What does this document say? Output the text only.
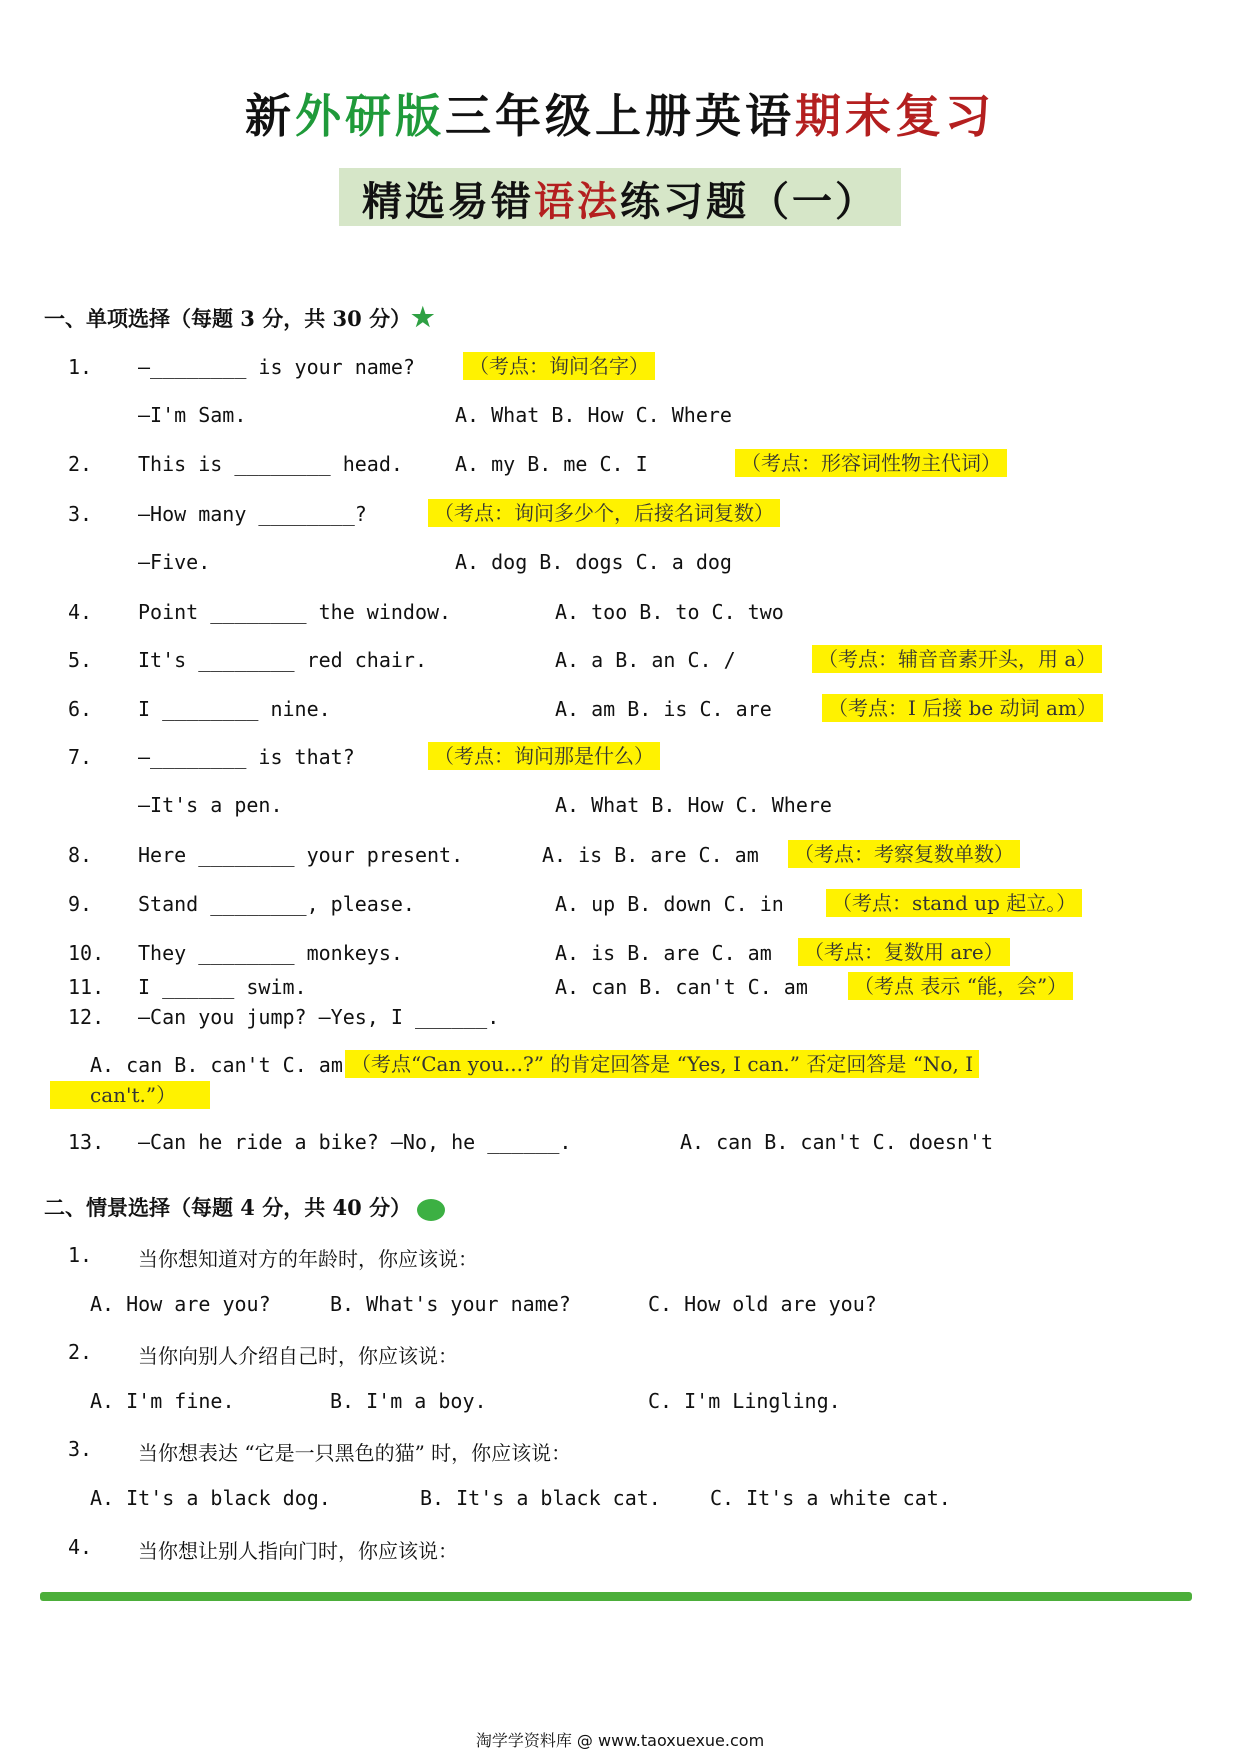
新外研版三年级上册英语期末复习
精选易错语法练习题（一）
一、单项选择（每题 3 分，共 30 分）★
1. —________ is your name?	（考点：询问名字）
—I'm Sam.	A. What B. How C. Where
2. This is ________ head.	A. my B. me C. I	（考点：形容词性物主代词）
3. —How many ________?	（考点：询问多少个，后接名词复数）
—Five.	A. dog B. dogs C. a dog
4. Point ________ the window.	A. too B. to C. two
5. It's ________ red chair.	A. a B. an C. /	（考点：辅音音素开头，用 a）
6. I ________ nine.	A. am B. is C. are	（考点：I 后接 be 动词 am）
7. —________ is that?	（考点：询问那是什么）
—It's a pen.	A. What B. How C. Where
8. Here ________ your present.	A. is B. are C. am	（考点：考察复数单数）
9. Stand ________, please.	A. up B. down C. in	（考点：stand up 起立。）
10. They ________ monkeys.	A. is B. are C. am	（考点：复数用 are）
11. I ______ swim.	A. can B. can't C. am	（考点 表示 “能，会”）
12. —Can you jump? —Yes, I ______.
A. can B. can't C. am （考点“Can you...?” 的肯定回答是 “Yes, I can.” 否定回答是 “No, I
can't.”）
13. —Can he ride a bike? —No, he ______.	A. can B. can't C. doesn't
二、情景选择（每题 4 分，共 40 分）
1. 当你想知道对方的年龄时，你应该说：
A. How are you?	B. What's your name?	C. How old are you?
2. 当你向别人介绍自己时，你应该说：
A. I'm fine.	B. I'm a boy.	C. I'm Lingling.
3. 当你想表达 “它是一只黑色的猫” 时，你应该说：
A. It's a black dog.	B. It's a black cat. C. It's a white cat.
4. 当你想让别人指向门时，你应该说：
淘学学资料库 @ www.taoxuexue.com
